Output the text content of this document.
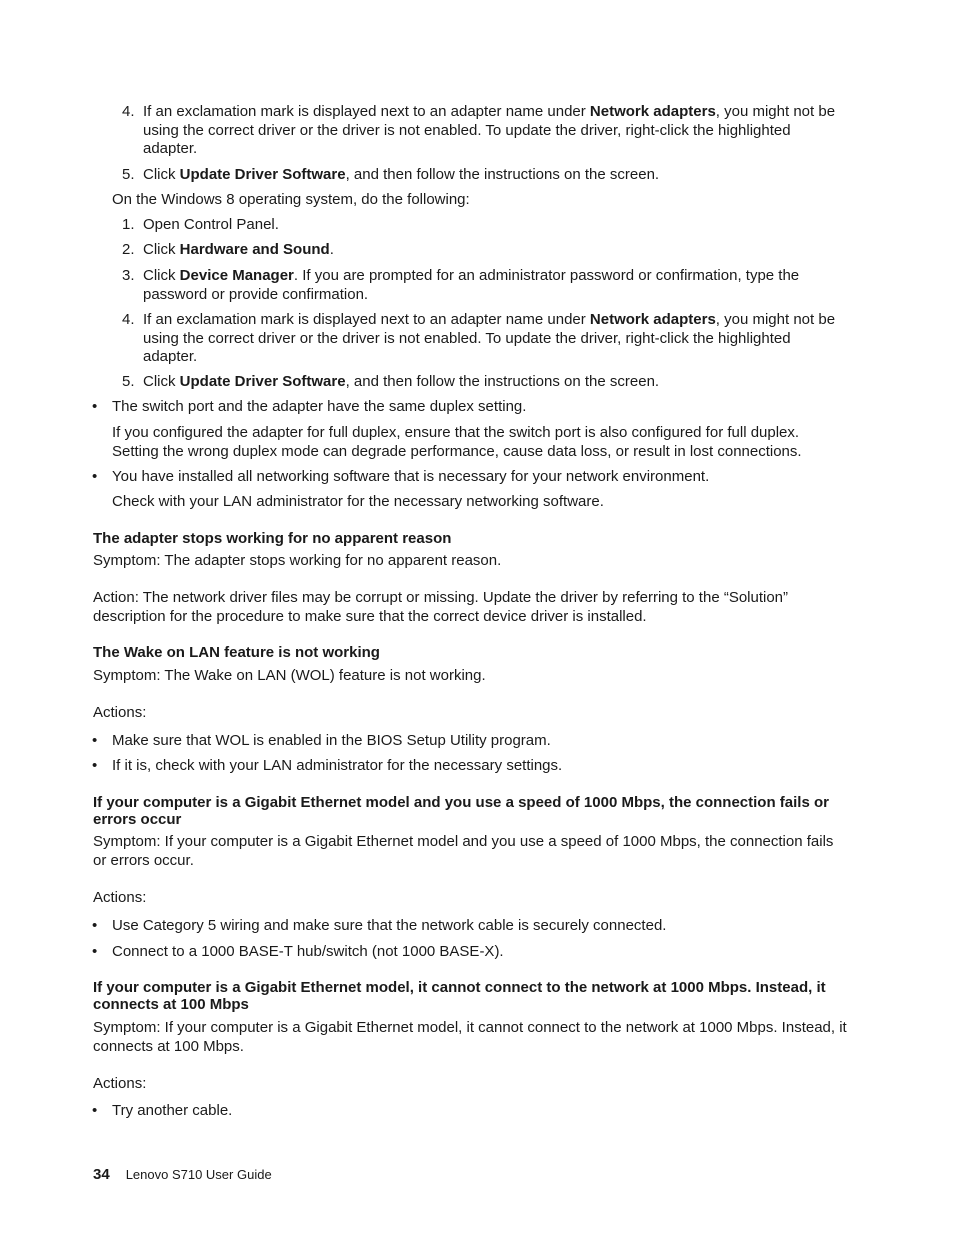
4. If an exclamation mark is displayed next to an adapter name under Network adapters, you might not be using the correct driver or the driver is not enabled. To update the driver, right-click the highlighted adapter.
5. Click Update Driver Software, and then follow the instructions on the screen.
On the Windows 8 operating system, do the following:
1. Open Control Panel.
2. Click Hardware and Sound.
3. Click Device Manager. If you are prompted for an administrator password or confirmation, type the password or provide confirmation.
4. If an exclamation mark is displayed next to an adapter name under Network adapters, you might not be using the correct driver or the driver is not enabled. To update the driver, right-click the highlighted adapter.
5. Click Update Driver Software, and then follow the instructions on the screen.
• The switch port and the adapter have the same duplex setting.
If you configured the adapter for full duplex, ensure that the switch port is also configured for full duplex. Setting the wrong duplex mode can degrade performance, cause data loss, or result in lost connections.
• You have installed all networking software that is necessary for your network environment.
Check with your LAN administrator for the necessary networking software.
The adapter stops working for no apparent reason
Symptom: The adapter stops working for no apparent reason.
Action: The network driver files may be corrupt or missing. Update the driver by referring to the “Solution” description for the procedure to make sure that the correct device driver is installed.
The Wake on LAN feature is not working
Symptom: The Wake on LAN (WOL) feature is not working.
Actions:
• Make sure that WOL is enabled in the BIOS Setup Utility program.
• If it is, check with your LAN administrator for the necessary settings.
If your computer is a Gigabit Ethernet model and you use a speed of 1000 Mbps, the connection fails or errors occur
Symptom: If your computer is a Gigabit Ethernet model and you use a speed of 1000 Mbps, the connection fails or errors occur.
Actions:
• Use Category 5 wiring and make sure that the network cable is securely connected.
• Connect to a 1000 BASE-T hub/switch (not 1000 BASE-X).
If your computer is a Gigabit Ethernet model, it cannot connect to the network at 1000 Mbps. Instead, it connects at 100 Mbps
Symptom: If your computer is a Gigabit Ethernet model, it cannot connect to the network at 1000 Mbps. Instead, it connects at 100 Mbps.
Actions:
• Try another cable.
34 Lenovo S710 User Guide
